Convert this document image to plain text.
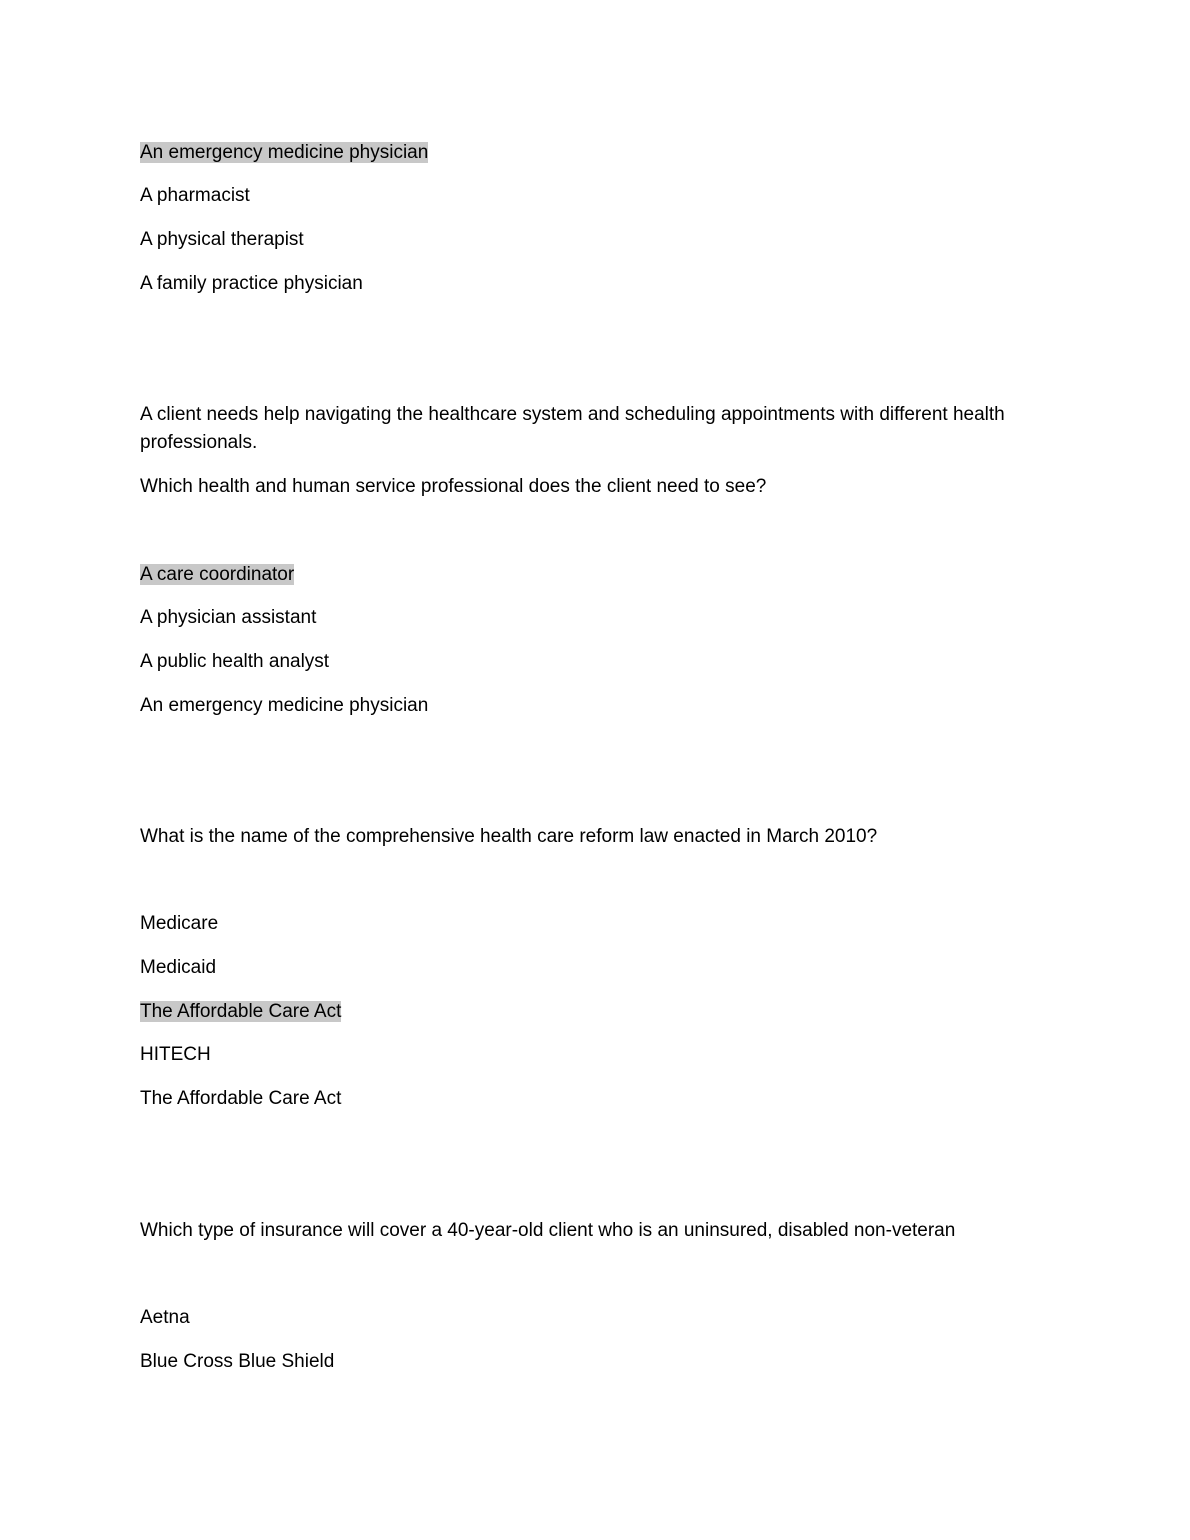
An emergency medicine physician
A pharmacist
A physical therapist
A family practice physician
A client needs help navigating the healthcare system and scheduling appointments with different health professionals.
Which health and human service professional does the client need to see?
A care coordinator
A physician assistant
A public health analyst
An emergency medicine physician
What is the name of the comprehensive health care reform law enacted in March 2010?
Medicare
Medicaid
The Affordable Care Act
HITECH
The Affordable Care Act
Which type of insurance will cover a 40-year-old client who is an uninsured, disabled non-veteran
Aetna
Blue Cross Blue Shield
